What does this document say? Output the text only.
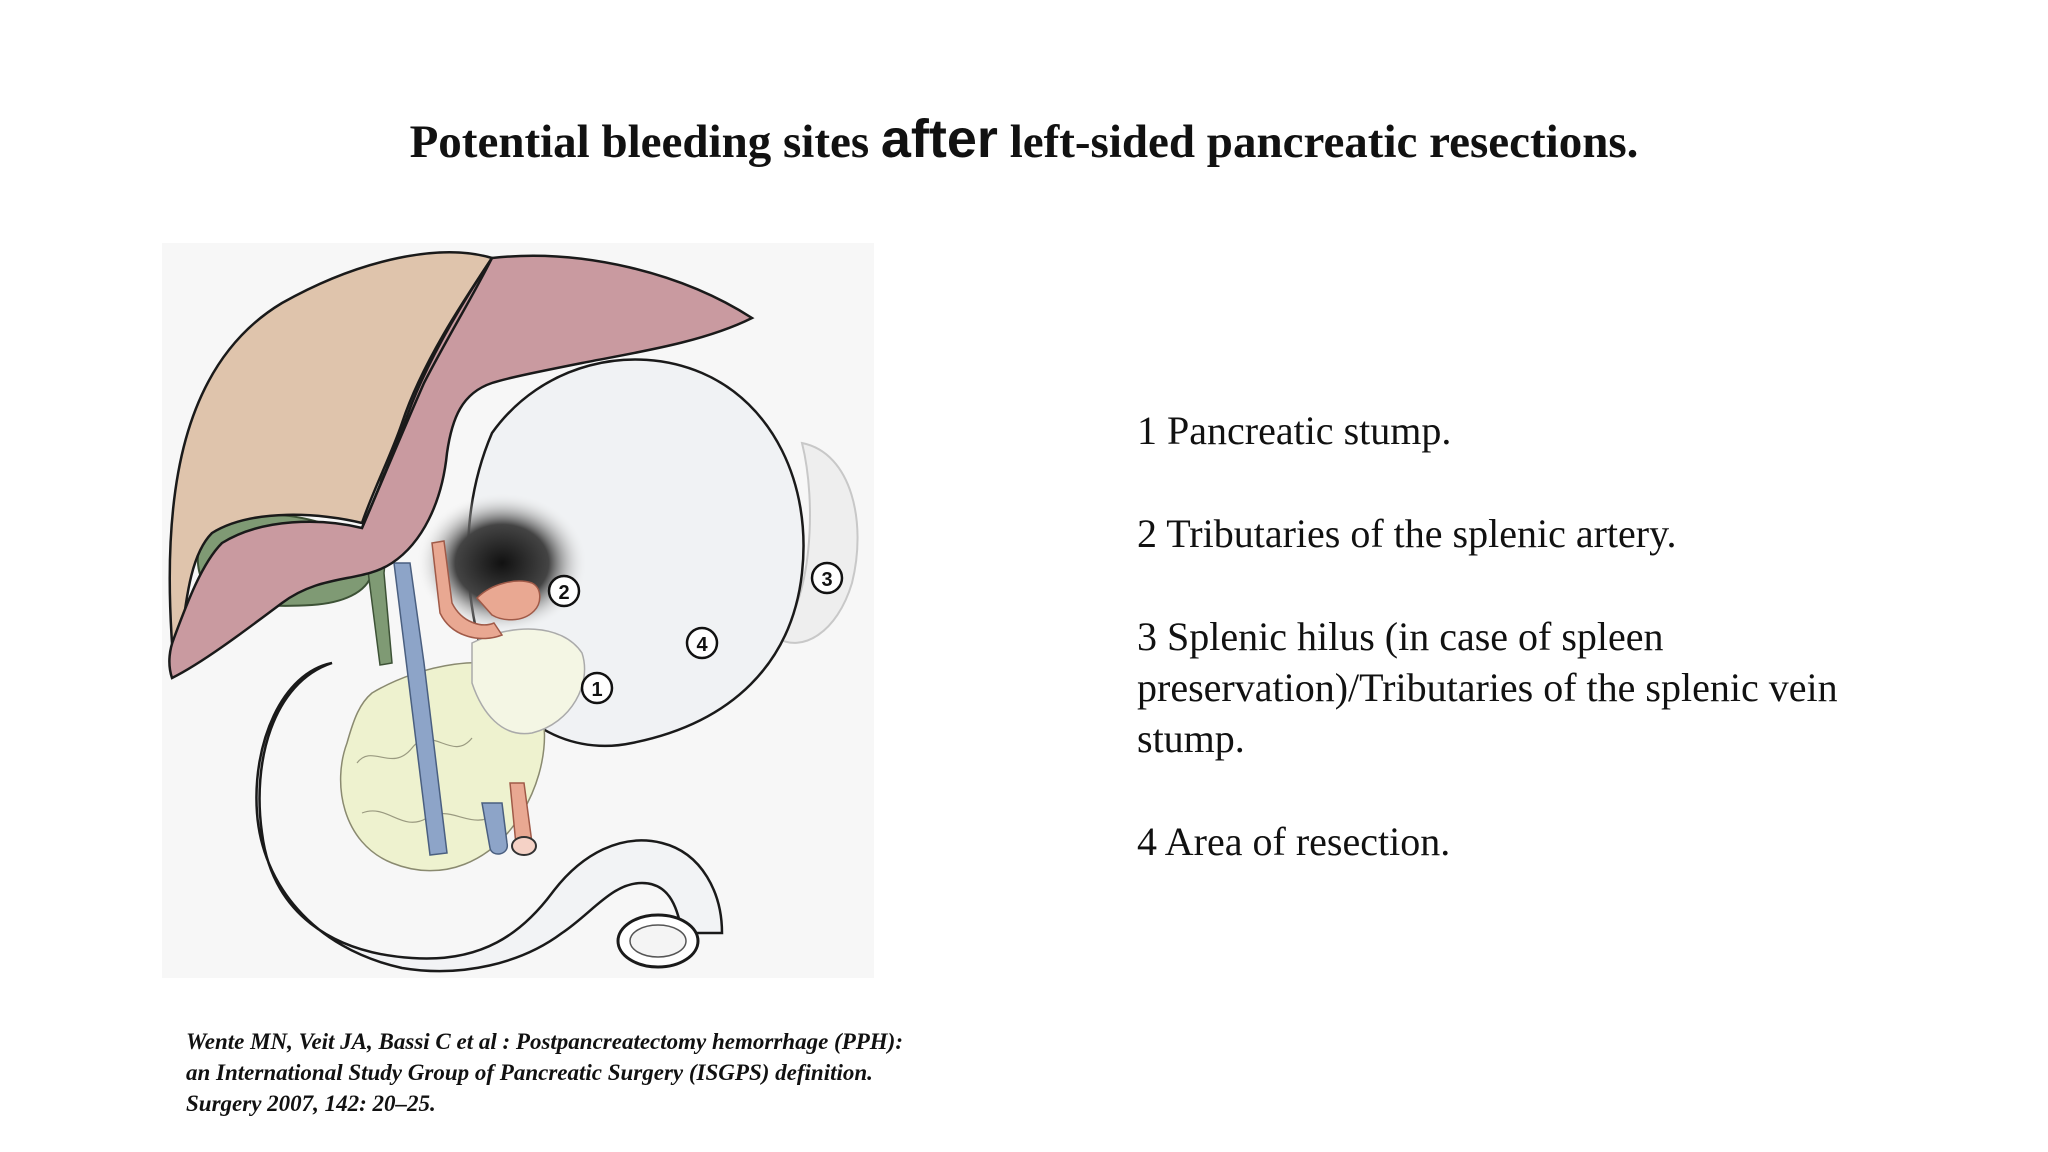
Potential bleeding sites after left-sided pancreatic resections.
2
4
1
3
1 Pancreatic stump.
2 Tributaries of the splenic artery.
3 Splenic hilus (in case of spleen preservation)/Tributaries of the splenic vein stump.
4 Area of resection.

Wente MN, Veit JA, Bassi C et al : Postpancreatectomy hemorrhage (PPH): an International Study Group of Pancreatic Surgery (ISGPS) definition. Surgery 2007, 142: 20–25.
